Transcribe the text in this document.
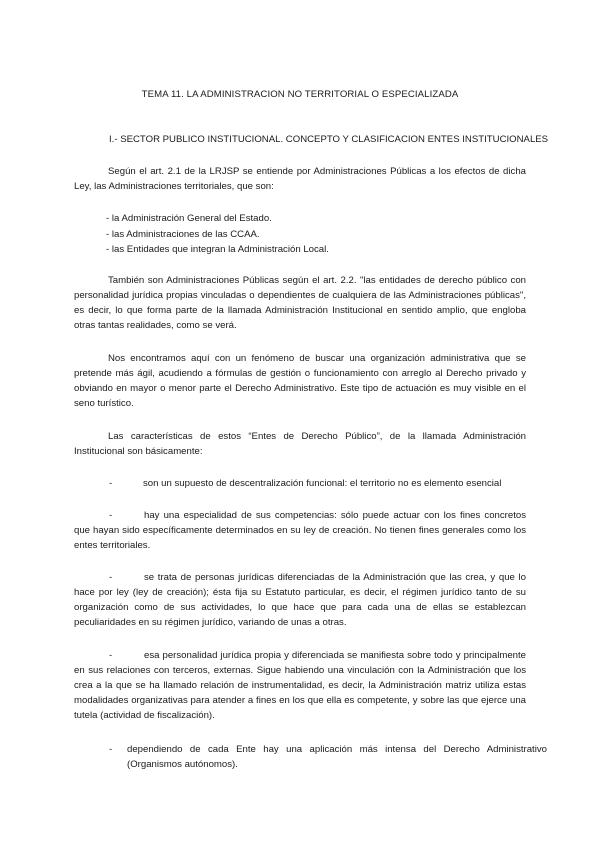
TEMA 11. LA ADMINISTRACION NO TERRITORIAL O ESPECIALIZADA
I.- SECTOR PUBLICO INSTITUCIONAL. CONCEPTO Y CLASIFICACION ENTES INSTITUCIONALES
Según el art. 2.1 de la LRJSP se entiende por Administraciones Públicas a los efectos de dicha Ley, las Administraciones territoriales, que son:
- la Administración General del Estado.
- las Administraciones de las CCAA.
- las Entidades que integran la Administración Local.
También son Administraciones Públicas según el art. 2.2. "las entidades de derecho público con personalidad jurídica propias vinculadas o dependientes de cualquiera de las Administraciones públicas", es decir, lo que forma parte de la llamada Administración Institucional en sentido amplio, que engloba otras tantas realidades, como se verá.
Nos encontramos aquí con un fenómeno de buscar una organización administrativa que se pretende más ágil, acudiendo a fórmulas de gestión o funcionamiento con arreglo al Derecho privado y obviando en mayor o menor parte el Derecho Administrativo. Este tipo de actuación es muy visible en el seno turístico.
Las características de estos “Entes de Derecho Público”, de la llamada Administración Institucional son básicamente:
-	son un supuesto de descentralización funcional: el territorio no es elemento esencial
-	hay una especialidad de sus competencias: sólo puede actuar con los fines concretos que hayan sido específicamente determinados en su ley de creación. No tienen fines generales como los entes territoriales.
-	se trata de personas jurídicas diferenciadas de la Administración que las crea, y que lo hace por ley (ley de creación); ésta fija su Estatuto particular, es decir, el régimen jurídico tanto de su organización como de sus actividades, lo que hace que para cada una de ellas se establezcan peculiaridades en su régimen jurídico, variando de unas a otras.
-	esa personalidad jurídica propia y diferenciada se manifiesta sobre todo y principalmente en sus relaciones con terceros, externas. Sigue habiendo una vinculación con la Administración que los crea a la que se ha llamado relación de instrumentalidad, es decir, la Administración matriz utiliza estas modalidades organizativas para atender a fines en los que ella es competente, y sobre las que ejerce una tutela (actividad de fiscalización).
- dependiendo de cada Ente hay una aplicación más intensa del Derecho Administrativo (Organismos autónomos).
